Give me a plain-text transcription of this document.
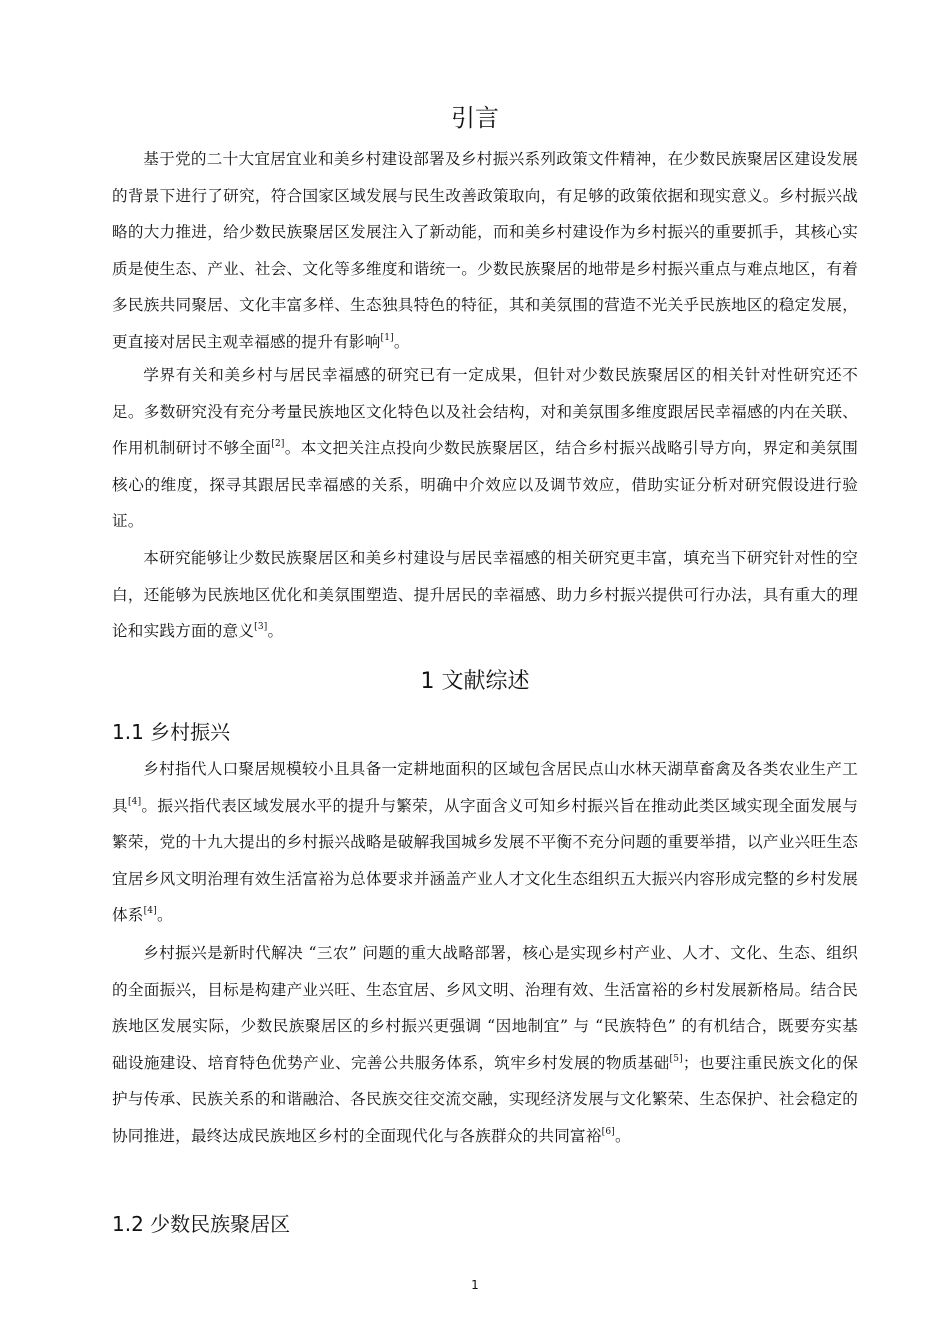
引言

基于党的二十大宜居宜业和美乡村建设部署及乡村振兴系列政策文件精神，在少数民族聚居区建设发展的背景下进行了研究，符合国家区域发展与民生改善政策取向，有足够的政策依据和现实意义。乡村振兴战略的大力推进，给少数民族聚居区发展注入了新动能，而和美乡村建设作为乡村振兴的重要抓手，其核心实质是使生态、产业、社会、文化等多维度和谐统一。少数民族聚居的地带是乡村振兴重点与难点地区，有着多民族共同聚居、文化丰富多样、生态独具特色的特征，其和美氛围的营造不光关乎民族地区的稳定发展，更直接对居民主观幸福感的提升有影响[1]。

学界有关和美乡村与居民幸福感的研究已有一定成果，但针对少数民族聚居区的相关针对性研究还不足。多数研究没有充分考量民族地区文化特色以及社会结构，对和美氛围多维度跟居民幸福感的内在关联、作用机制研讨不够全面[2]。本文把关注点投向少数民族聚居区，结合乡村振兴战略引导方向，界定和美氛围核心的维度，探寻其跟居民幸福感的关系，明确中介效应以及调节效应，借助实证分析对研究假设进行验证。

本研究能够让少数民族聚居区和美乡村建设与居民幸福感的相关研究更丰富，填充当下研究针对性的空白，还能够为民族地区优化和美氛围塑造、提升居民的幸福感、助力乡村振兴提供可行办法，具有重大的理论和实践方面的意义[3]。

1 文献综述
1.1 乡村振兴

乡村指代人口聚居规模较小且具备一定耕地面积的区域包含居民点山水林天湖草畜禽及各类农业生产工具[4]。振兴指代表区域发展水平的提升与繁荣，从字面含义可知乡村振兴旨在推动此类区域实现全面发展与繁荣，党的十九大提出的乡村振兴战略是破解我国城乡发展不平衡不充分问题的重要举措，以产业兴旺生态宜居乡风文明治理有效生活富裕为总体要求并涵盖产业人才文化生态组织五大振兴内容形成完整的乡村发展体系[4]。

乡村振兴是新时代解决 “三农” 问题的重大战略部署，核心是实现乡村产业、人才、文化、生态、组织的全面振兴，目标是构建产业兴旺、生态宜居、乡风文明、治理有效、生活富裕的乡村发展新格局。结合民族地区发展实际，少数民族聚居区的乡村振兴更强调 “因地制宜” 与 “民族特色” 的有机结合，既要夯实基础设施建设、培育特色优势产业、完善公共服务体系，筑牢乡村发展的物质基础[5]；也要注重民族文化的保护与传承、民族关系的和谐融洽、各民族交往交流交融，实现经济发展与文化繁荣、生态保护、社会稳定的协同推进，最终达成民族地区乡村的全面现代化与各族群众的共同富裕[6]。

1.2 少数民族聚居区
1
